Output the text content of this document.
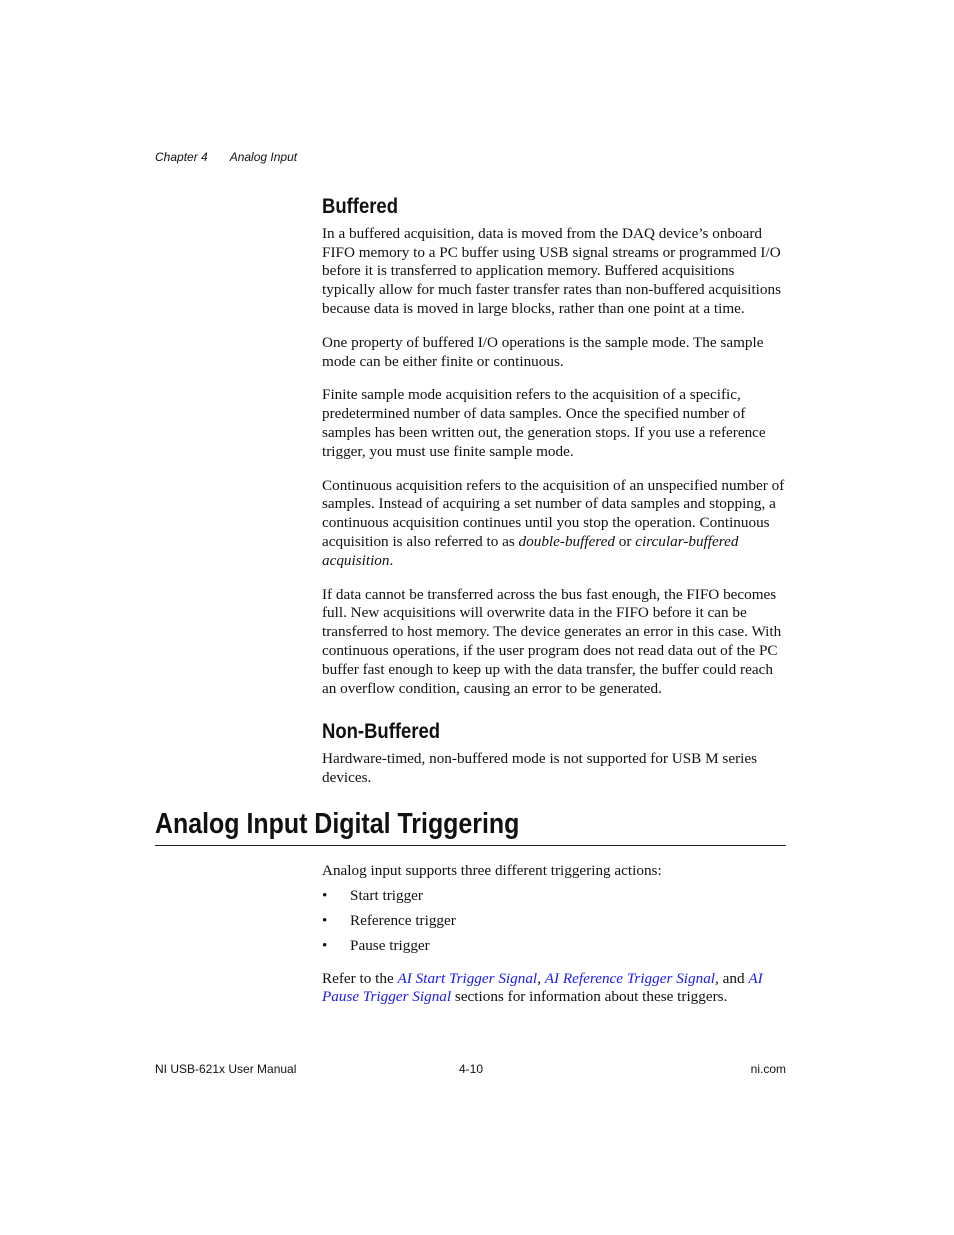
Chapter 4 Analog Input
Buffered

In a buffered acquisition, data is moved from the DAQ device’s onboard FIFO memory to a PC buffer using USB signal streams or programmed I/O before it is transferred to application memory. Buffered acquisitions typically allow for much faster transfer rates than non-buffered acquisitions because data is moved in large blocks, rather than one point at a time.

One property of buffered I/O operations is the sample mode. The sample mode can be either finite or continuous.

Finite sample mode acquisition refers to the acquisition of a specific, predetermined number of data samples. Once the specified number of samples has been written out, the generation stops. If you use a reference trigger, you must use finite sample mode.

Continuous acquisition refers to the acquisition of an unspecified number of samples. Instead of acquiring a set number of data samples and stopping, a continuous acquisition continues until you stop the operation. Continuous acquisition is also referred to as double-buffered or circular-buffered acquisition.

If data cannot be transferred across the bus fast enough, the FIFO becomes full. New acquisitions will overwrite data in the FIFO before it can be transferred to host memory. The device generates an error in this case. With continuous operations, if the user program does not read data out of the PC buffer fast enough to keep up with the data transfer, the buffer could reach an overflow condition, causing an error to be generated.

Non-Buffered

Hardware-timed, non-buffered mode is not supported for USB M series devices.

Analog Input Digital Triggering

Analog input supports three different triggering actions:

• Start trigger
• Reference trigger
• Pause trigger

Refer to the AI Start Trigger Signal, AI Reference Trigger Signal, and AI Pause Trigger Signal sections for information about these triggers.

NI USB-621x User Manual	4-10	ni.com
